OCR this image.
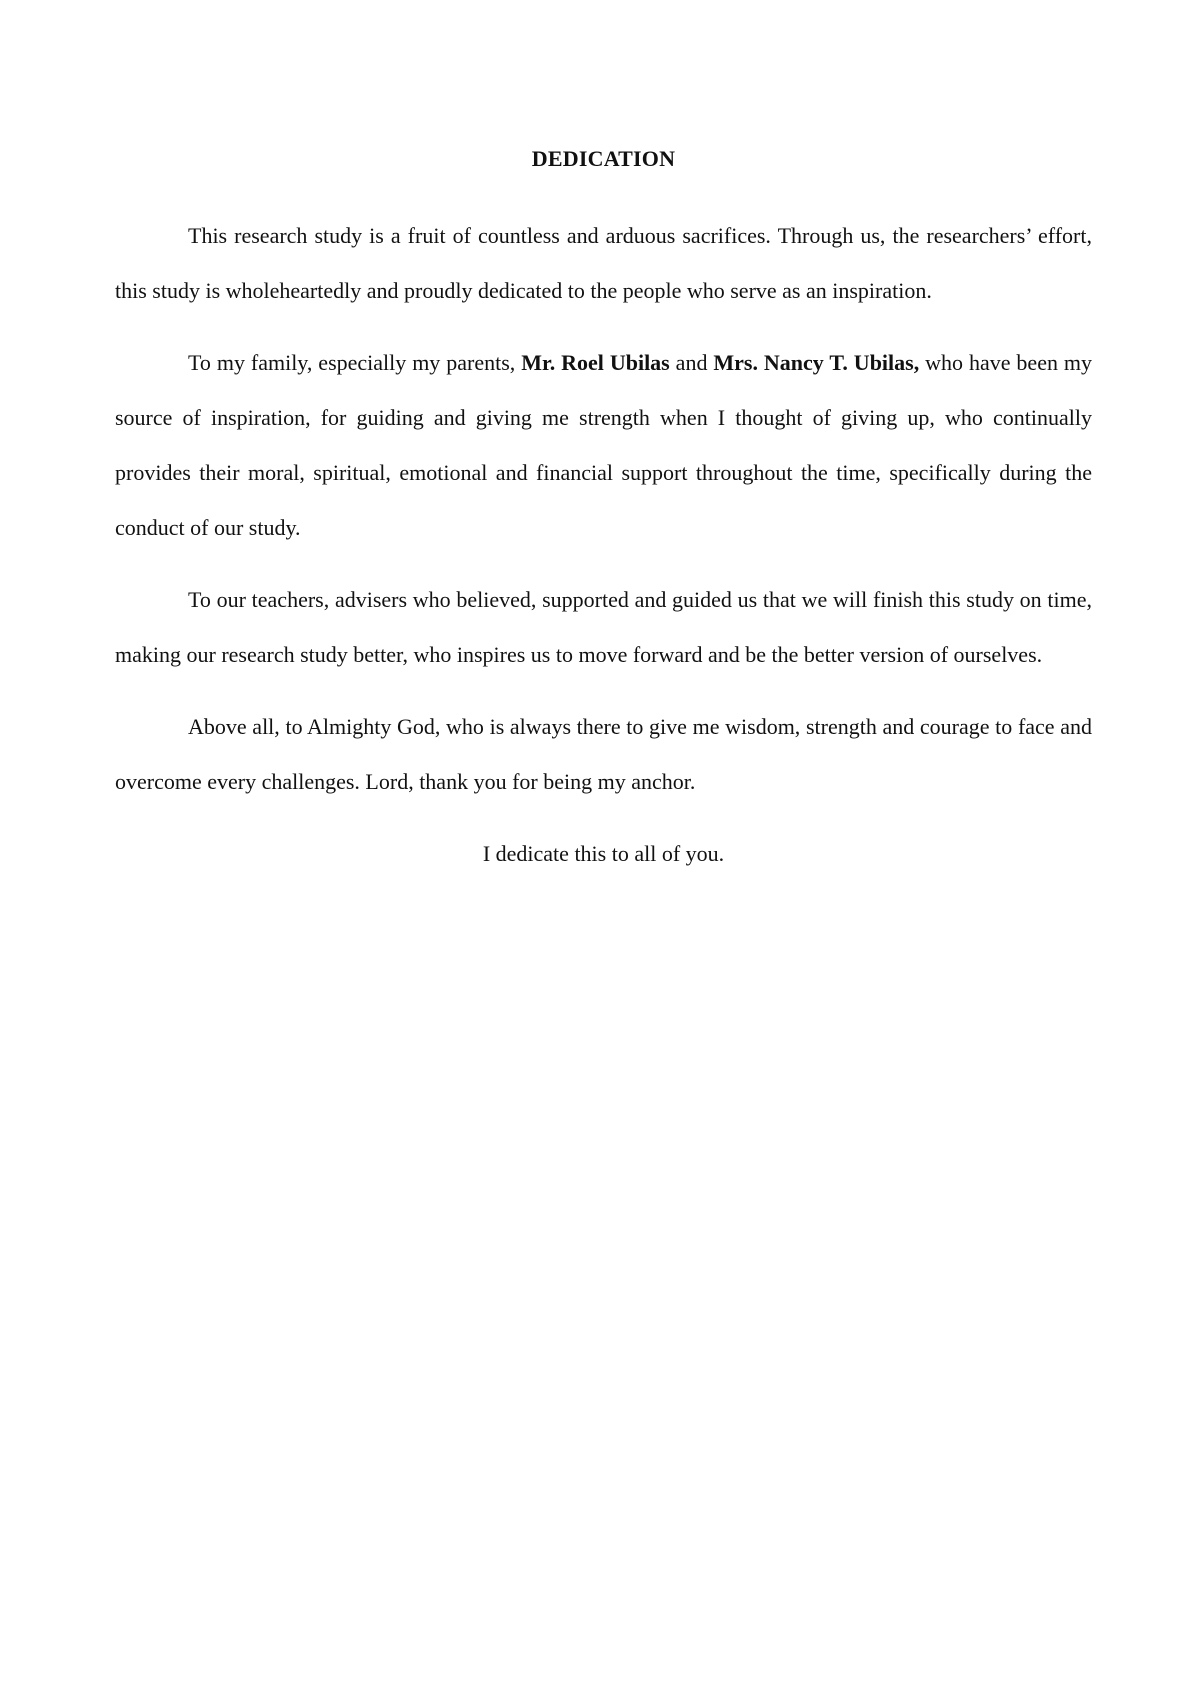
DEDICATION

This research study is a fruit of countless and arduous sacrifices. Through us, the researchers’ effort, this study is wholeheartedly and proudly dedicated to the people who serve as an inspiration.

To my family, especially my parents, Mr. Roel Ubilas and Mrs. Nancy T. Ubilas, who have been my source of inspiration, for guiding and giving me strength when I thought of giving up, who continually provides their moral, spiritual, emotional and financial support throughout the time, specifically during the conduct of our study.

To our teachers, advisers who believed, supported and guided us that we will finish this study on time, making our research study better, who inspires us to move forward and be the better version of ourselves.

Above all, to Almighty God, who is always there to give me wisdom, strength and courage to face and overcome every challenges. Lord, thank you for being my anchor.

I dedicate this to all of you.
